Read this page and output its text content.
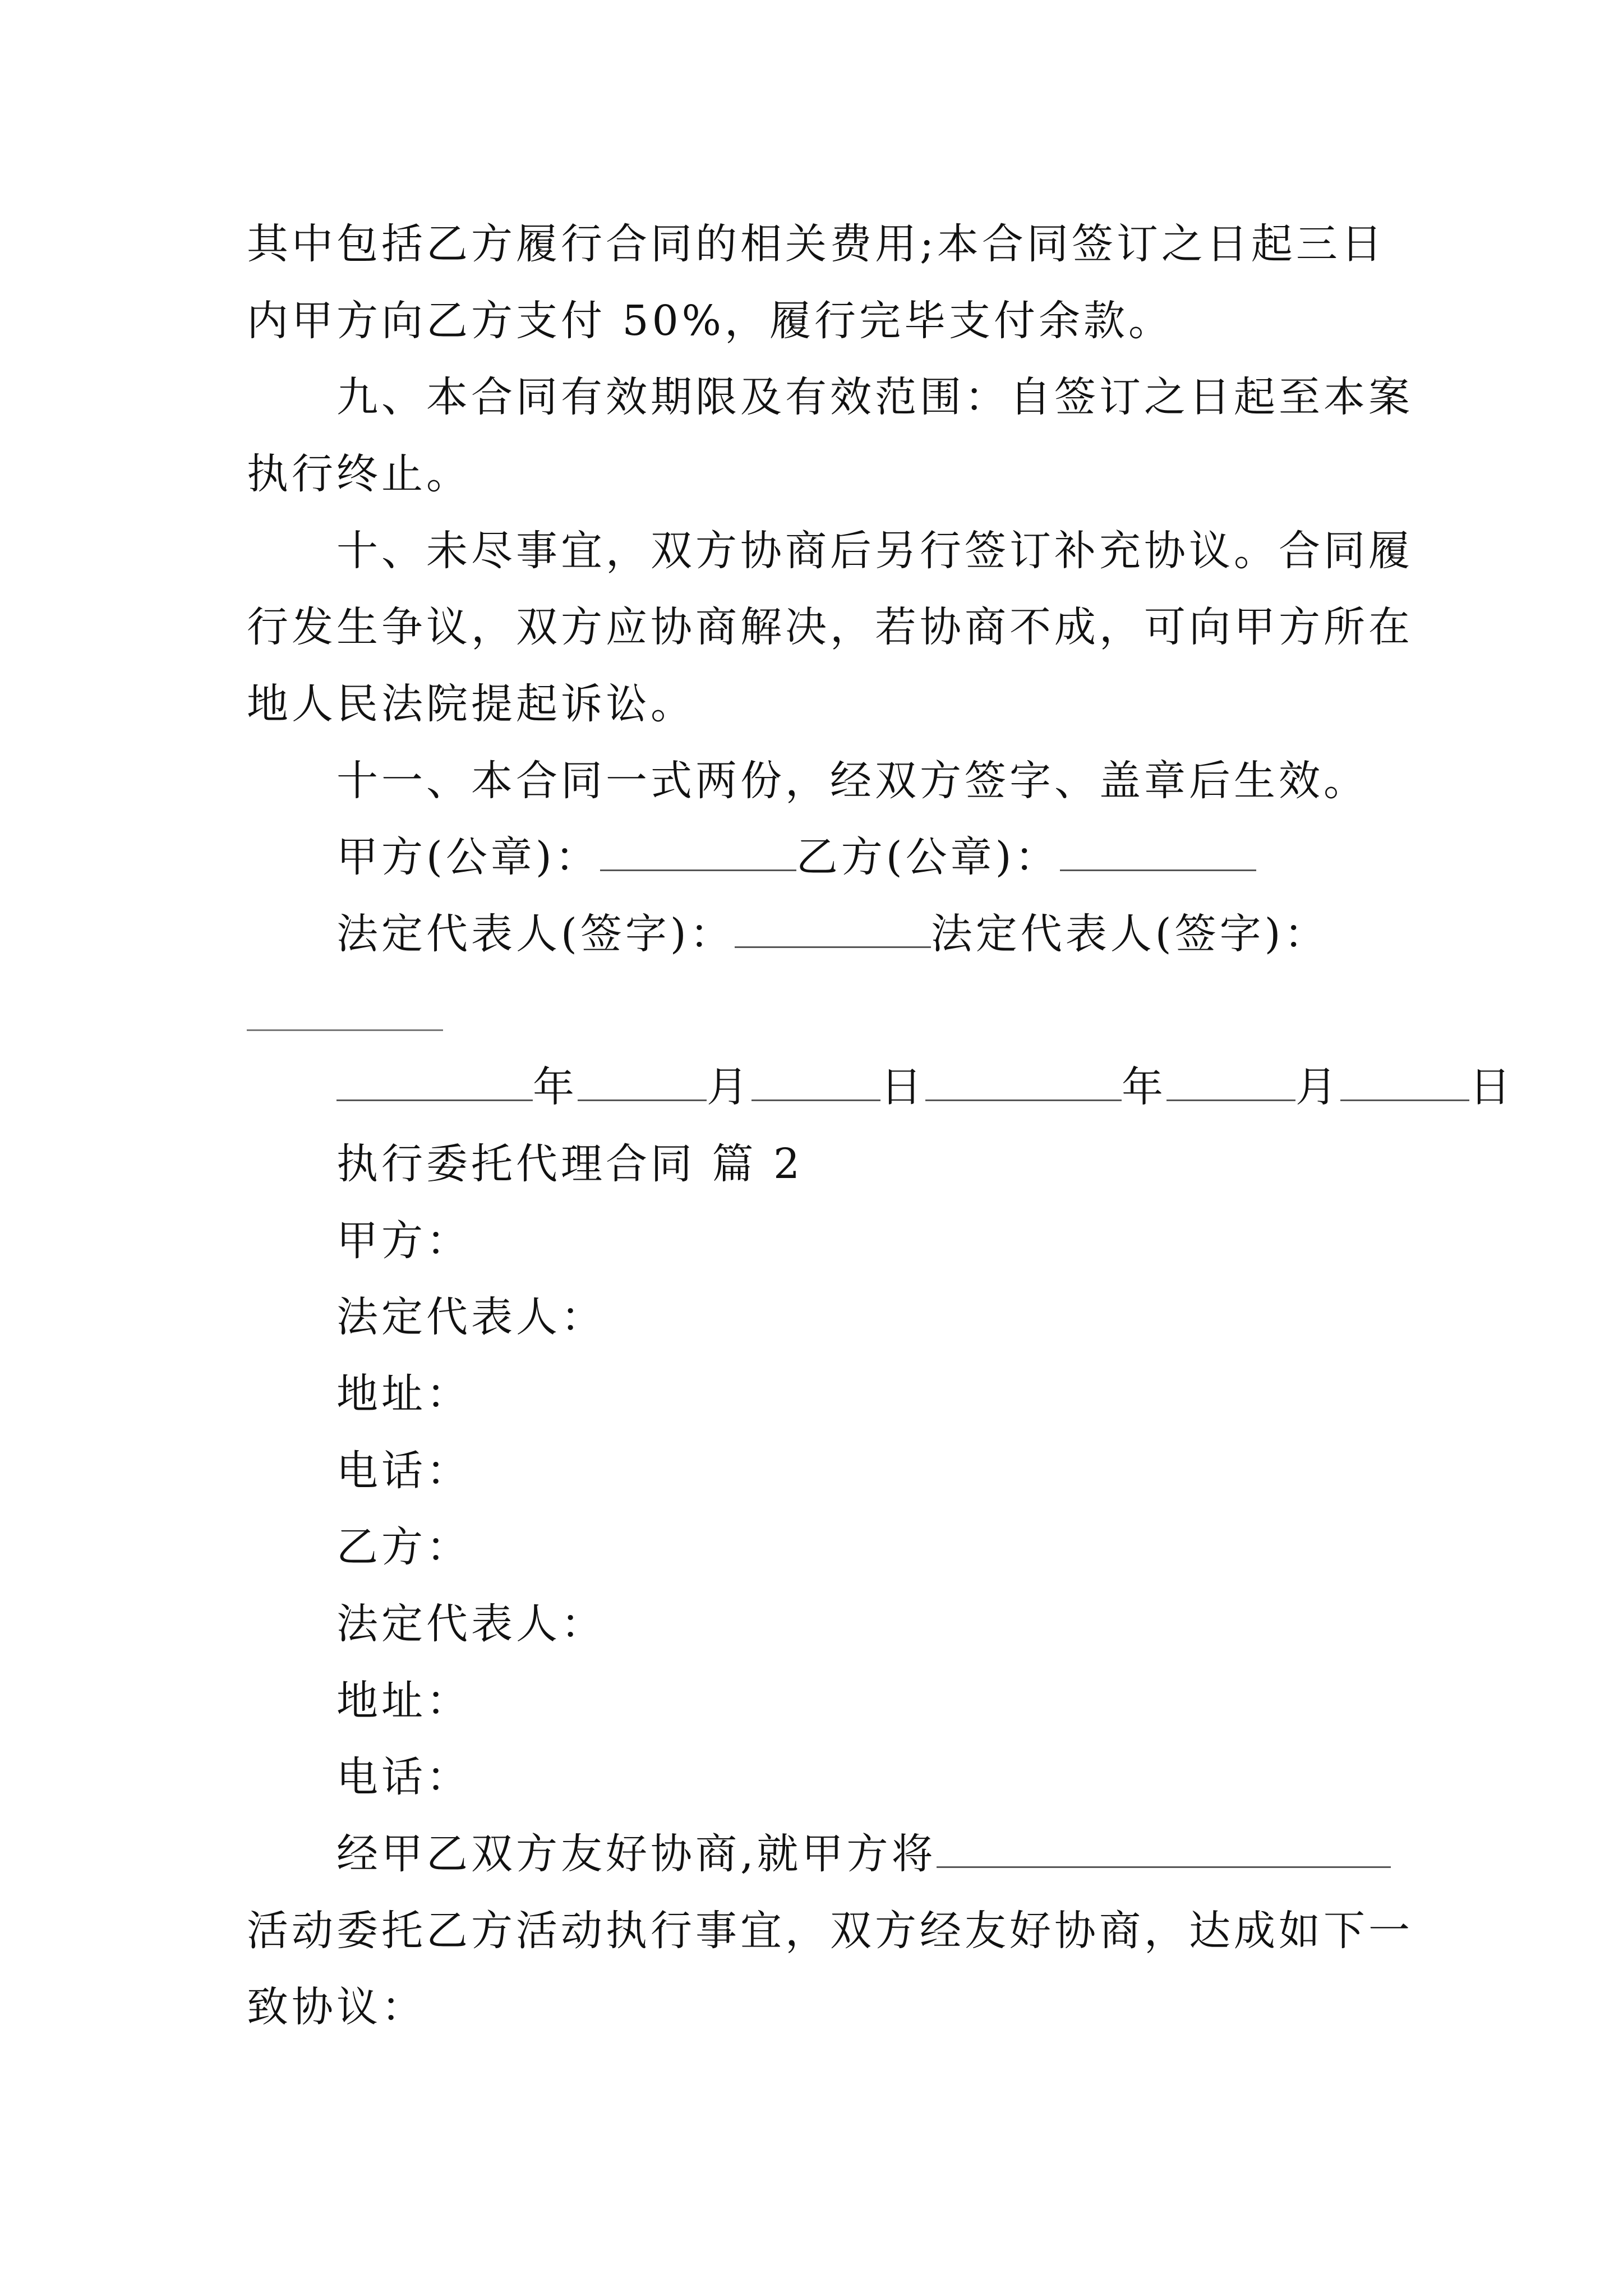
其中包括乙方履行合同的相关费用;本合同签订之日起三日
内甲方向乙方支付 50%，履行完毕支付余款。
九、本合同有效期限及有效范围：自签订之日起至本案
执行终止。
十、未尽事宜，双方协商后另行签订补充协议。合同履
行发生争议，双方应协商解决，若协商不成，可向甲方所在
地人民法院提起诉讼。
十一、本合同一式两份，经双方签字、盖章后生效。
甲方(公章)：	乙方(公章)：
法定代表人(签字)：	法定代表人(签字)：
年	月	日	年	月	日
执行委托代理合同 篇 2
甲方：
法定代表人：
地址：
电话：
乙方：
法定代表人：
地址：
电话：
经甲乙双方友好协商,就甲方将
活动委托乙方活动执行事宜，双方经友好协商，达成如下一
致协议：
